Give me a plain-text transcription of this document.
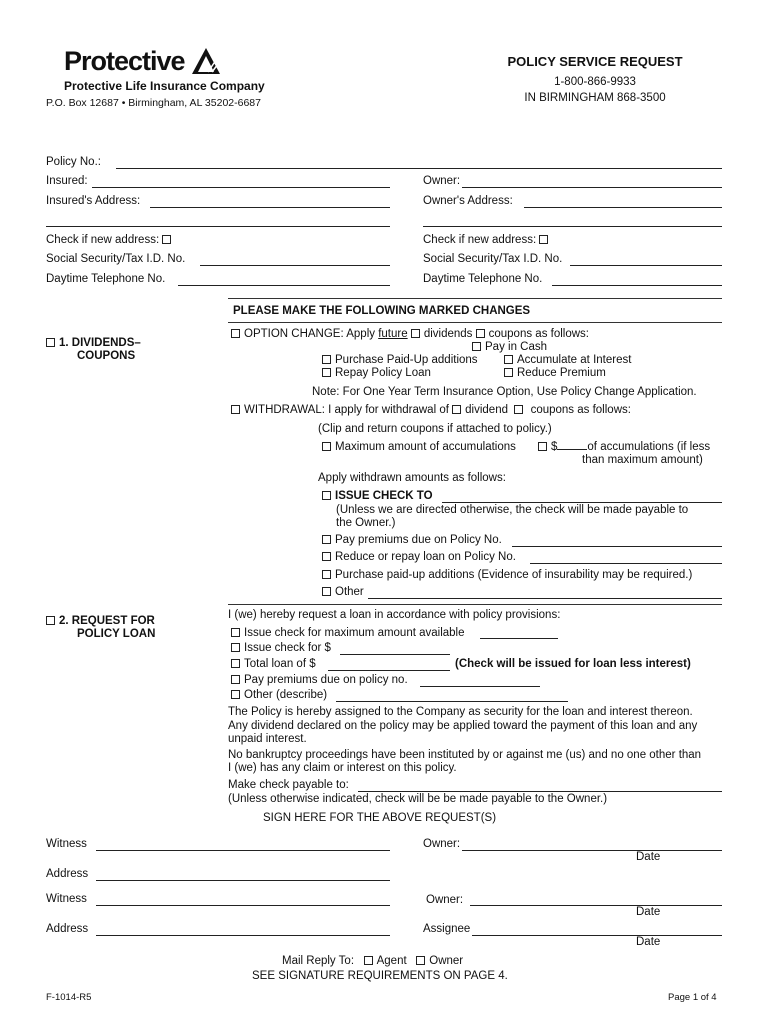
Protective
Protective Life Insurance Company
P.O. Box 12687 • Birmingham, AL 35202-6687
POLICY SERVICE REQUEST
1-800-866-9933
IN BIRMINGHAM 868-3500
Policy No.:
Insured:	Owner:
Insured's Address:	Owner's Address:
Check if new address:	Check if new address:
Social Security/Tax I.D. No.	Social Security/Tax I.D. No.
Daytime Telephone No.	Daytime Telephone No.
PLEASE MAKE THE FOLLOWING MARKED CHANGES
1. DIVIDENDS–
COUPONS
OPTION CHANGE: Apply future dividends coupons as follows:
Pay in Cash
Purchase Paid-Up additions	Accumulate at Interest
Repay Policy Loan	Reduce Premium
Note: For One Year Term Insurance Option, Use Policy Change Application.
WITHDRAWAL: I apply for withdrawal of dividend coupons as follows:
(Clip and return coupons if attached to policy.)
Maximum amount of accumulations	$	of accumulations (if less
than maximum amount)
Apply withdrawn amounts as follows:
ISSUE CHECK TO
(Unless we are directed otherwise, the check will be made payable to
the Owner.)
Pay premiums due on Policy No.
Reduce or repay loan on Policy No.
Purchase paid-up additions (Evidence of insurability may be required.)
Other
2. REQUEST FOR
POLICY LOAN
I (we) hereby request a loan in accordance with policy provisions:
Issue check for maximum amount available
Issue check for $
Total loan of $	(Check will be issued for loan less interest)
Pay premiums due on policy no.
Other (describe)
The Policy is hereby assigned to the Company as security for the loan and interest thereon.
Any dividend declared on the policy may be applied toward the payment of this loan and any
unpaid interest.
No bankruptcy proceedings have been instituted by or against me (us) and no one other than
I (we) has any claim or interest on this policy.
Make check payable to:
(Unless otherwise indicated, check will be be made payable to the Owner.)
SIGN HERE FOR THE ABOVE REQUEST(S)
Witness	Owner:
Date
Address
Witness	Owner:
Date
Address	Assignee
Date
Mail Reply To: Agent Owner
SEE SIGNATURE REQUIREMENTS ON PAGE 4.
F-1014-R5	Page 1 of 4
